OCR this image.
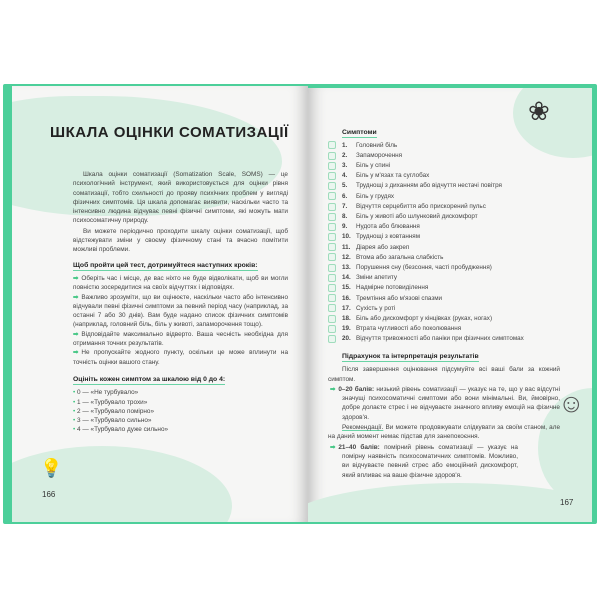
166
💡
ШКАЛА ОЦІНКИ СОМАТИЗАЦІЇ

Шкала оцінки соматизації (Somatization Scale, SOMS) — це психологічний інструмент, який використовується для оцінки рівня соматизації, тобто схильності до прояву психічних проблем у вигляді фізичних симптомів. Ця шкала допомагає виявити, наскільки часто та інтенсивно людина відчуває певні фізичні симптоми, які можуть мати психосоматичну природу.

Ви можете періодично проходити шкалу оцінки соматизації, щоб відстежувати зміни у своєму фізичному стані та вчасно помітити можливі проблеми.

Щоб пройти цей тест, дотримуйтеся наступних кроків:
➡ Оберіть час і місце, де вас ніхто не буде відволікати, щоб ви могли повністю зосередитися на своїх відчуттях і відповідях.
➡ Важливо зрозуміти, що ви оцінюєте, наскільки часто або інтенсивно відчували певні фізичні симптоми за певний період часу (наприклад, за останні 7 або 30 днів). Вам буде надано список фізичних симптомів (наприклад, головний біль, біль у животі, запаморочення тощо).
➡ Відповідайте максимально відверто. Ваша чесність необхідна для отримання точних результатів.
➡ Не пропускайте жодного пункту, оскільки це може вплинути на точність оцінки вашого стану.
Оцініть кожен симптом за шкалою від 0 до 4:
• 0 — «Не турбувало»
• 1 — «Турбувало трохи»
• 2 — «Турбувало помірно»
• 3 — «Турбувало сильно»
• 4 — «Турбувало дуже сильно»
❀
☺
167
Симптоми
1.	Головний біль
2.	Запаморочення
3.	Біль у спині
4.	Біль у м'язах та суглобах
5.	Труднощі з диханням або відчуття нестачі повітря
6.	Біль у грудях
7.	Відчуття серцебиття або прискорений пульс
8.	Біль у животі або шлунковий дискомфорт
9.	Нудота або блювання
10. Труднощі з ковтанням
11. Діарея або закреп
12. Втома або загальна слабкість
13. Порушення сну (безсоння, часті пробудження)
14. Зміни апетиту
15. Надмірне потовиділення
16. Тремтіння або м'язові спазми
17. Сухість у роті
18. Біль або дискомфорт у кінцівках (руках, ногах)
19. Втрата чутливості або поколювання
20. Відчуття тривожності або паніки при фізичних симптомах
Підрахунок та інтерпретація результатів

Після завершення оцінювання підсумуйте всі ваші бали за кожний симптом.

➡ 0–20 балів: низький рівень соматизації — указує на те, що у вас відсутні значущі психосоматичні симптоми або вони мінімальні. Ви, ймовірно, добре долаєте стрес і не відчуваєте значного впливу емоцій на фізичне здоров'я.

Рекомендації. Ви можете продовжувати слідкувати за своїм станом, але на даний момент немає підстав для занепокоєння.

➡ 21–40 балів: помірний рівень соматизації — указує на помірну наявність психосоматичних симптомів. Можливо, ви відчуваєте певний стрес або емоційний дискомфорт, який впливає на ваше фізичне здоров'я.
